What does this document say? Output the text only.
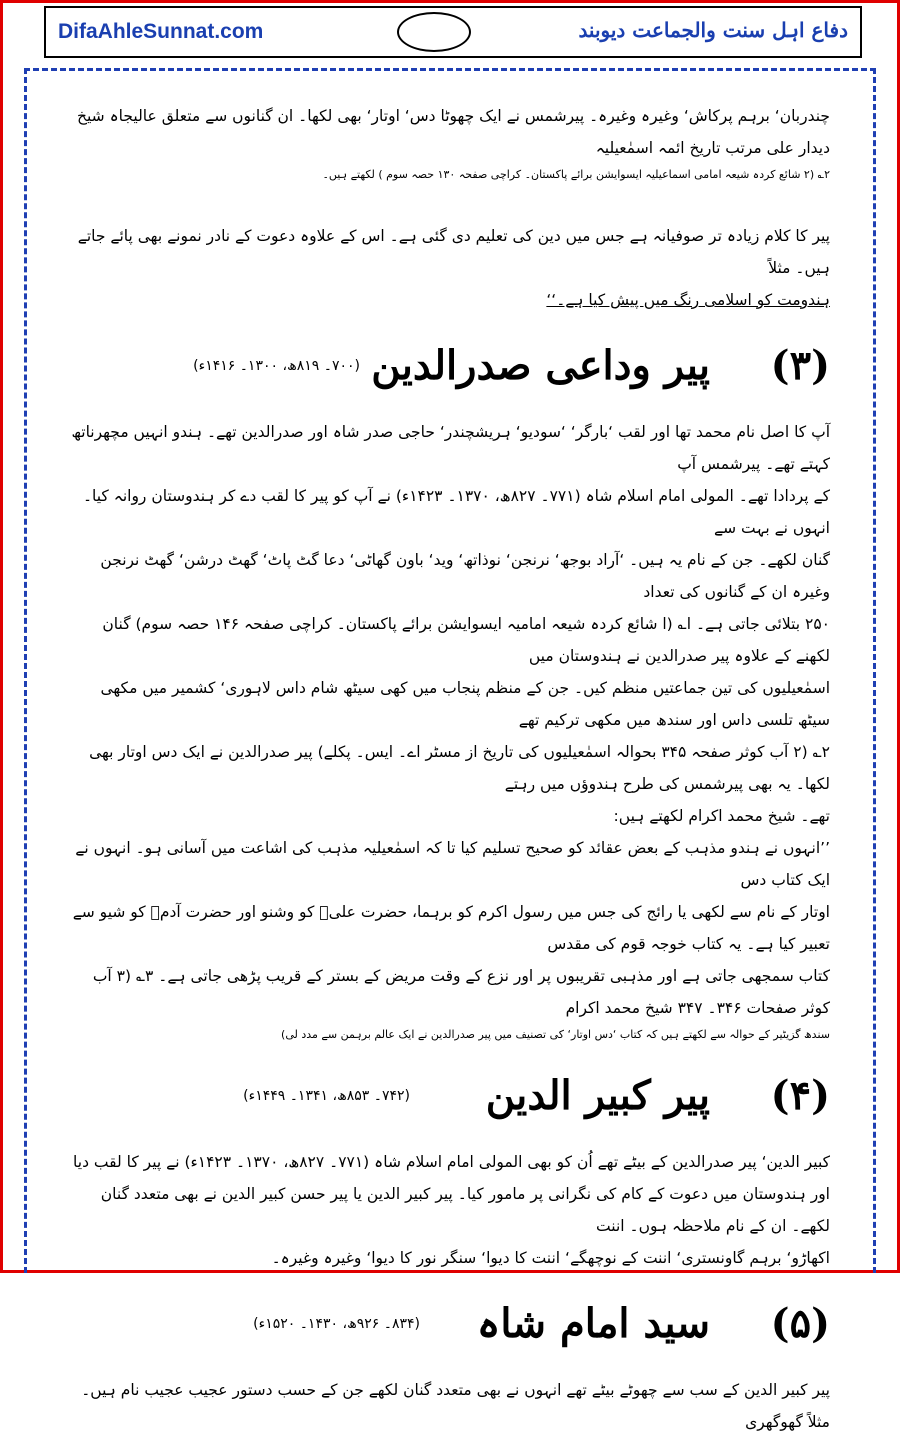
DifaAhleSunnat.com	دفاع اہل سنت والجماعت دیوبند

چندربان‘ برہم پرکاش‘ وغیرہ وغیرہ۔ پیرشمس نے ایک چھوٹا دس‘ اوتار‘ بھی لکھا۔ ان گنانوں سے متعلق عالیجاہ شیخ دیدار علی مرتب تاریخ ائمہ اسمٰعیلیہ

۲؎ (۲ شائع کردہ شیعہ امامی اسماعیلیہ ایسوایشن برائے پاکستان۔ کراچی صفحہ ۱۳۰ حصہ سوم ) لکھتے ہیں۔

پیر کا کلام زیادہ تر صوفیانہ ہے جس میں دین کی تعلیم دی گئی ہے۔ اس کے علاوہ دعوت کے نادر نمونے بھی پائے جاتے ہیں۔ مثلاً

ہندومت کو اسلامی رنگ میں پیش کیا ہے۔‘‘

(۳)
پیر وداعی صدرالدین
(۷۰۰۔ ۸۱۹ھ، ۱۳۰۰۔ ۱۴۱۶ء)

آپ کا اصل نام محمد تھا اور لقب ‘بارگر‘ ‘سودیو‘ ہریشچندر‘ حاجی صدر شاہ اور صدرالدین تھے۔ ہندو انہیں مچھرناتھ کہتے تھے۔ پیرشمس آپ

کے پردادا تھے۔ المولی امام اسلام شاہ (۷۷۱۔ ۸۲۷ھ، ۱۳۷۰۔ ۱۴۲۳ء) نے آپ کو پیر کا لقب دے کر ہندوستان روانہ کیا۔ انہوں نے بہت سے

گنان لکھے۔ جن کے نام یہ ہیں۔ ‘آراد بوجھ‘ نرنجن‘ نوذاتھ‘ وید‘ باون گھاٹی‘ دعا گٹ پاٹ‘ گھٹ درشن‘ گھٹ نرنجن وغیرہ ان کے گنانوں کی تعداد

۲۵۰ بتلائی جاتی ہے۔ ا؎ (ا شائع کردہ شیعہ امامیہ ایسوایشن برائے پاکستان۔ کراچی صفحہ ۱۴۶ حصہ سوم) گنان لکھنے کے علاوہ پیر صدرالدین نے ہندوستان میں

اسمٰعیلیوں کی تین جماعتیں منظم کیں۔ جن کے منظم پنجاب میں کھی سیٹھ شام داس لاہوری‘ کشمیر میں مکھی سیٹھ تلسی داس اور سندھ میں مکھی ترکیم تھے

۲؎ (۲ آب کوثر صفحہ ۳۴۵ بحوالہ اسمٰعیلیوں کی تاریخ از مسٹر اے۔ ایس۔ پکلے) پیر صدرالدین نے ایک دس اوتار بھی لکھا۔ یہ بھی پیرشمس کی طرح ہندوؤں میں رہتے

تھے۔ شیخ محمد اکرام لکھتے ہیں:

’’انہوں نے ہندو مذہب کے بعض عقائد کو صحیح تسلیم کیا تا کہ اسمٰعیلیہ مذہب کی اشاعت میں آسانی ہو۔ انہوں نے ایک کتاب دس

اوتار کے نام سے لکھی یا رائج کی جس میں رسول اکرم کو برہما، حضرت علیؓ کو وشنو اور حضرت آدمؑ کو شیو سے تعبیر کیا ہے۔ یہ کتاب خوجہ قوم کی مقدس

کتاب سمجھی جاتی ہے اور مذہبی تقریبوں پر اور نزع کے وقت مریض کے بستر کے قریب پڑھی جاتی ہے۔ ۳؎ (۳ آب کوثر صفحات ۳۴۶۔ ۳۴۷ شیخ محمد اکرام

سندھ گزیٹیر کے حوالہ سے لکھتے ہیں کہ کتاب ‘دس اوتار‘ کی تصنیف میں پیر صدرالدین نے ایک عالم برہمن سے مدد لی)

(۴)
پیر کبیر الدین
(۷۴۲۔ ۸۵۳ھ، ۱۳۴۱۔ ۱۴۴۹ء)

کبیر الدین‘ پیر صدرالدین کے بیٹے تھے اُن کو بھی المولی امام اسلام شاہ (۷۷۱۔ ۸۲۷ھ، ۱۳۷۰۔ ۱۴۲۳ء) نے پیر کا لقب دیا

اور ہندوستان میں دعوت کے کام کی نگرانی پر مامور کیا۔ پیر کبیر الدین یا پیر حسن کبیر الدین نے بھی متعدد گنان لکھے۔ ان کے نام ملاحظہ ہوں۔ اننت

اکھاڑو‘ برہم گاونستری‘ اننت کے نوچھگے‘ اننت کا دیوا‘ سنگر نور کا دیوا‘ وغیرہ وغیرہ۔

(۵)
سید امام شاہ
(۸۳۴۔ ۹۲۶ھ، ۱۴۳۰۔ ۱۵۲۰ء)

پیر کبیر الدین کے سب سے چھوٹے بیٹے تھے انہوں نے بھی متعدد گنان لکھے جن کے حسب دستور عجیب عجیب نام ہیں۔ مثلاً گھوگھری
